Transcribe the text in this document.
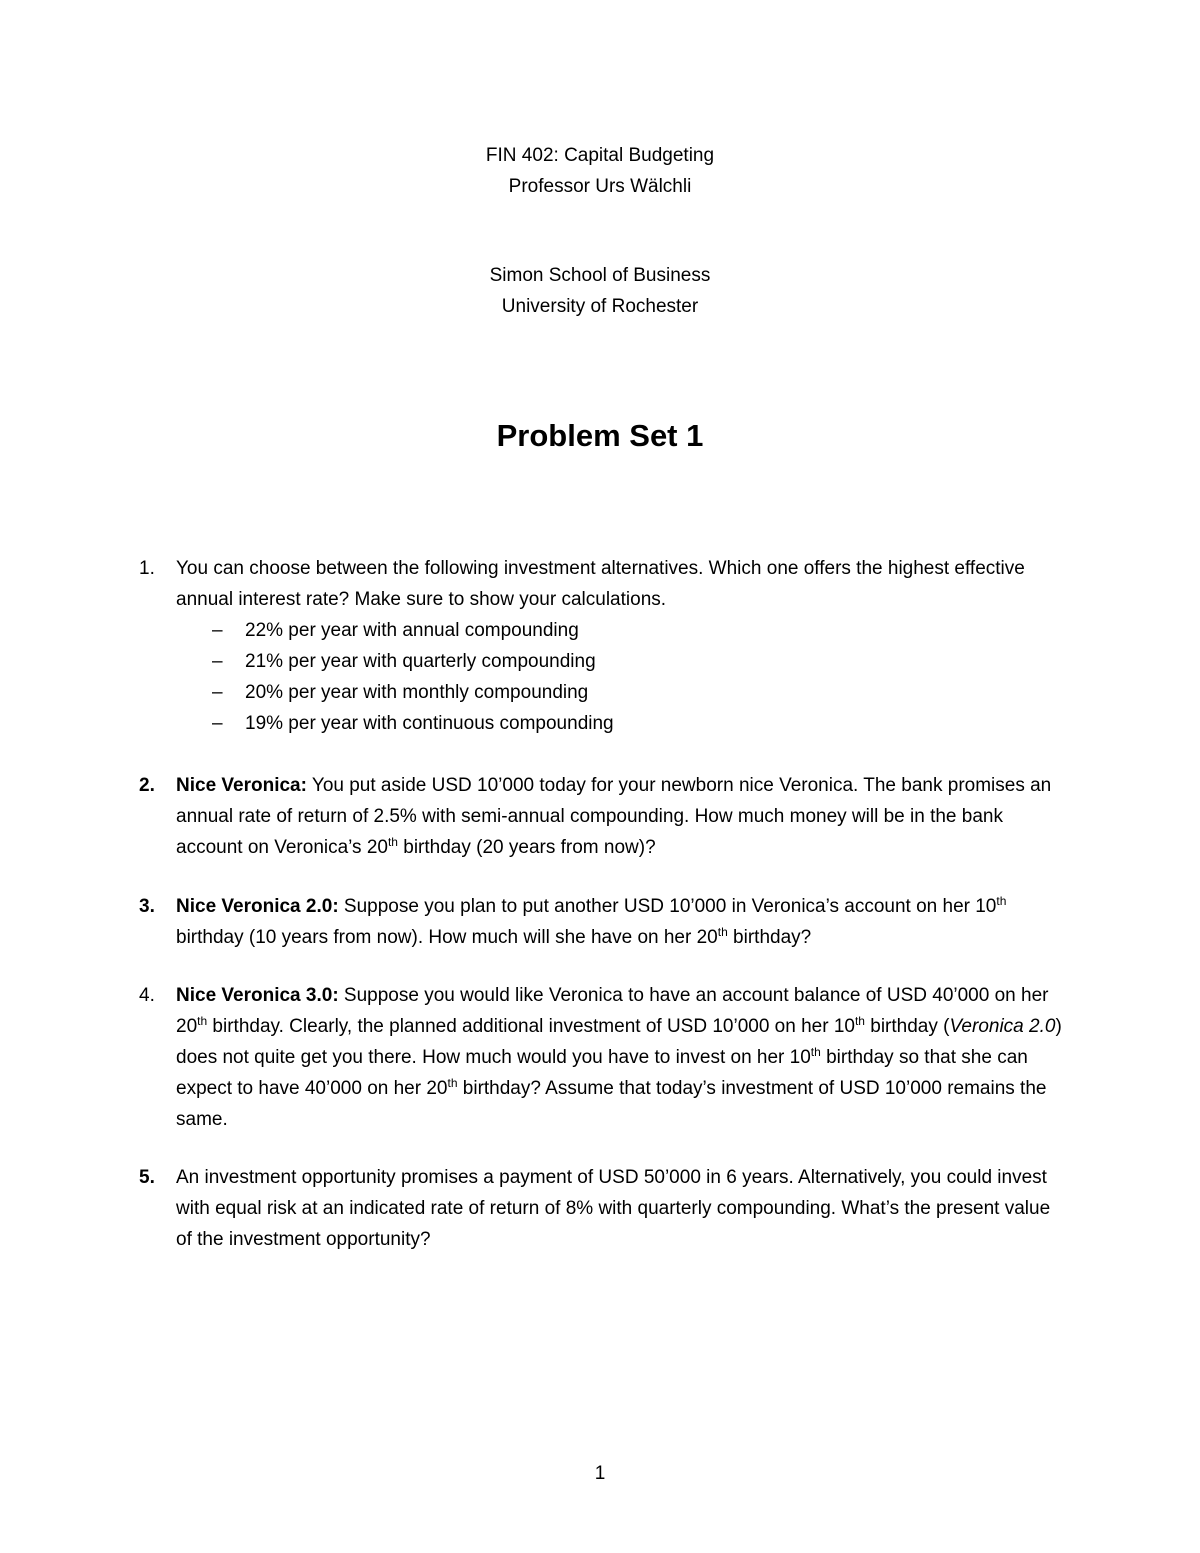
FIN 402: Capital Budgeting
Professor Urs Wälchli
Simon School of Business
University of Rochester
Problem Set 1
1.	You can choose between the following investment alternatives. Which one offers the highest effective annual interest rate? Make sure to show your calculations.
– 22% per year with annual compounding
– 21% per year with quarterly compounding
– 20% per year with monthly compounding
– 19% per year with continuous compounding
2.	Nice Veronica: You put aside USD 10’000 today for your newborn nice Veronica. The bank promises an annual rate of return of 2.5% with semi-annual compounding. How much money will be in the bank account on Veronica’s 20th birthday (20 years from now)?
3.	Nice Veronica 2.0: Suppose you plan to put another USD 10’000 in Veronica’s account on her 10th birthday (10 years from now). How much will she have on her 20th birthday?
4.	Nice Veronica 3.0: Suppose you would like Veronica to have an account balance of USD 40’000 on her 20th birthday. Clearly, the planned additional investment of USD 10’000 on her 10th birthday (Veronica 2.0) does not quite get you there. How much would you have to invest on her 10th birthday so that she can expect to have 40’000 on her 20th birthday? Assume that today’s investment of USD 10’000 remains the same.
5.	An investment opportunity promises a payment of USD 50’000 in 6 years. Alternatively, you could invest with equal risk at an indicated rate of return of 8% with quarterly compounding. What’s the present value of the investment opportunity?
1
